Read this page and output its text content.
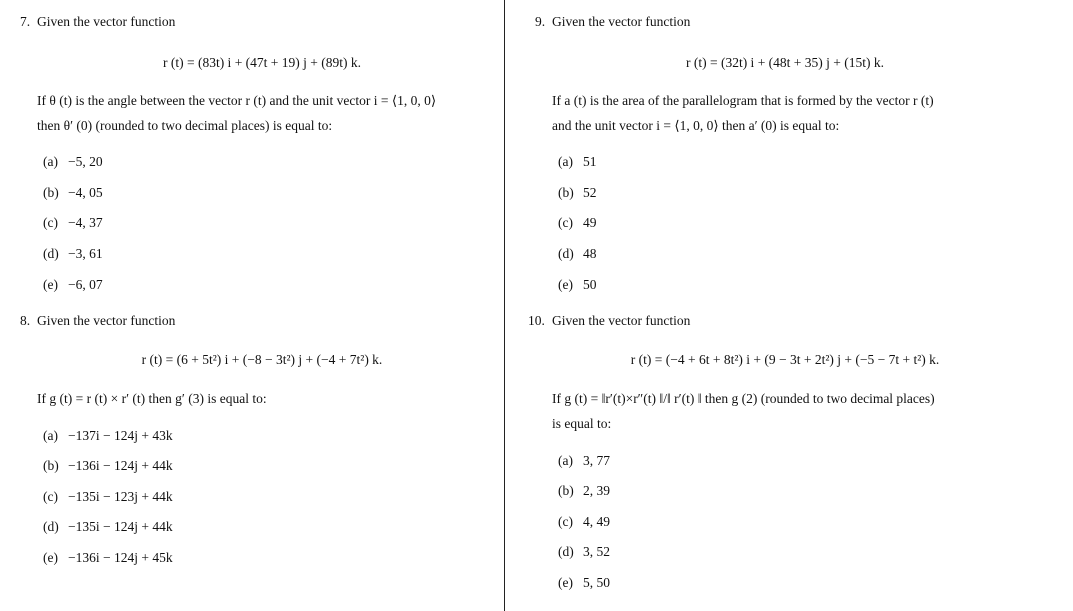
7. Given the vector function
r (t) = (83t) i + (47t + 19) j + (89t) k.
If θ (t) is the angle between the vector r (t) and the unit vector i = ⟨1, 0, 0⟩
then θ′ (0) (rounded to two decimal places) is equal to:
(a) −5, 20
(b) −4, 05
(c) −4, 37
(d) −3, 61
(e) −6, 07
8. Given the vector function
r (t) = (6 + 5t²) i + (−8 − 3t²) j + (−4 + 7t²) k.
If g (t) = r (t) × r′ (t) then g′ (3) is equal to:
(a) −137i − 124j + 43k
(b) −136i − 124j + 44k
(c) −135i − 123j + 44k
(d) −135i − 124j + 44k
(e) −136i − 124j + 45k
9. Given the vector function
r (t) = (32t) i + (48t + 35) j + (15t) k.
If a (t) is the area of the parallelogram that is formed by the vector r (t)
and the unit vector i = ⟨1, 0, 0⟩ then a′ (0) is equal to:
(a) 51
(b) 52
(c) 49
(d) 48
(e) 50
10. Given the vector function
r (t) = (−4 + 6t + 8t²) i + (9 − 3t + 2t²) j + (−5 − 7t + t²) k.
If g (t) = ‖r′(t)×r″(t) ‖/‖ r′(t) ‖ then g (2) (rounded to two decimal places)
is equal to:
(a) 3, 77
(b) 2, 39
(c) 4, 49
(d) 3, 52
(e) 5, 50
